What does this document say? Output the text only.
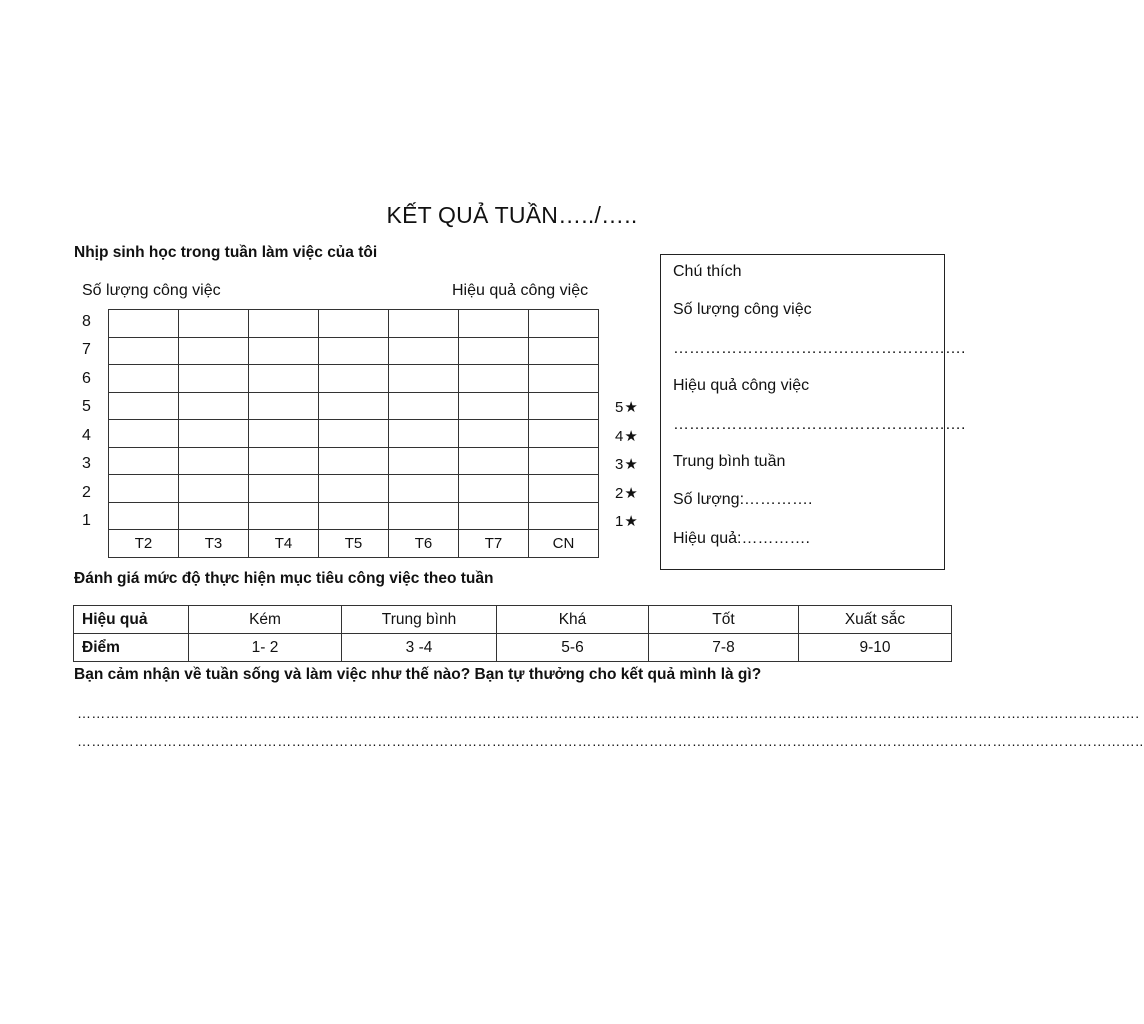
KẾT QUẢ TUẦN…../…..
Nhịp sinh học trong tuần làm việc của tôi
Số lượng công việc	Hiệu quả công việc
8
7
6
5
4
3
2
1

T2	T3	T4	T5	T6	T7	CN
5★
4★
3★
2★
1★
Chú thích
Số lượng công việc
……………………………………………….
Hiệu quả công việc
……………………………………………….
Trung bình tuần
Số lượng:………….
Hiệu quả:………….
Đánh giá mức độ thực hiện mục tiêu công việc theo tuần
Hiệu quả	Kém	Trung bình	Khá	Tốt	Xuất sắc
Điểm	1- 2	3 -4	5-6	7-8	9-10
Bạn cảm nhận về tuần sống và làm việc như thế nào? Bạn tự thưởng cho kết quả mình là gì?
…………………………………………………………………………………………………………………………………………………………………………………………………….
……………………………………………………………………………………………………………………………………………………………………………………………………..
